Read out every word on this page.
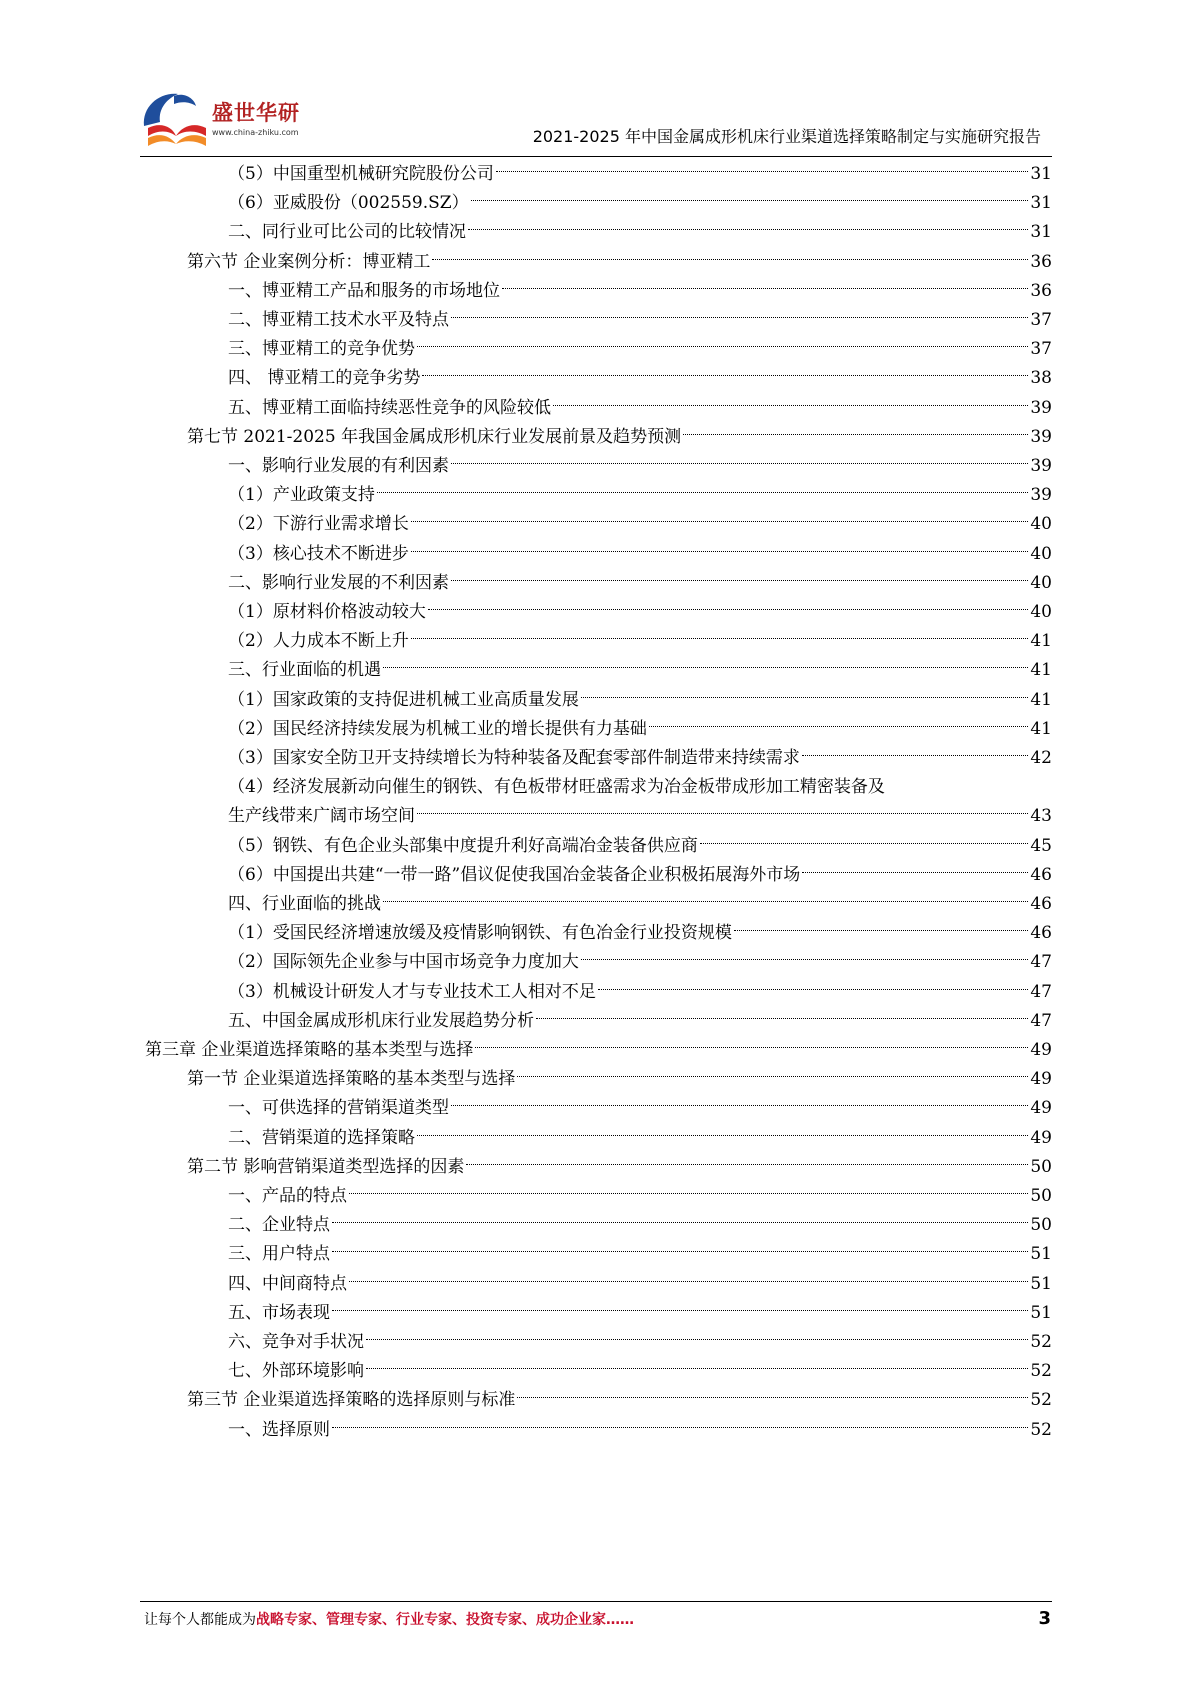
盛世华研
www.china-zhiku.com	2021-2025 年中国金属成形机床行业渠道选择策略制定与实施研究报告
（5）中国重型机械研究院股份公司	31
（6）亚威股份（002559.SZ）	31
二、同行业可比公司的比较情况	31
第六节 企业案例分析：博亚精工	36
一、博亚精工产品和服务的市场地位	36
二、博亚精工技术水平及特点	37
三、博亚精工的竞争优势	37
四、 博亚精工的竞争劣势	38
五、博亚精工面临持续恶性竞争的风险较低	39
第七节 2021-2025 年我国金属成形机床行业发展前景及趋势预测	39
一、影响行业发展的有利因素	39
（1）产业政策支持	39
（2）下游行业需求增长	40
（3）核心技术不断进步	40
二、影响行业发展的不利因素	40
（1）原材料价格波动较大	40
（2）人力成本不断上升	41
三、行业面临的机遇	41
（1）国家政策的支持促进机械工业高质量发展	41
（2）国民经济持续发展为机械工业的增长提供有力基础	41
（3）国家安全防卫开支持续增长为特种装备及配套零部件制造带来持续需求	42
（4）经济发展新动向催生的钢铁、有色板带材旺盛需求为冶金板带成形加工精密装备及
生产线带来广阔市场空间	43
（5）钢铁、有色企业头部集中度提升利好高端冶金装备供应商	45
（6）中国提出共建“一带一路”倡议促使我国冶金装备企业积极拓展海外市场	46
四、行业面临的挑战	46
（1）受国民经济增速放缓及疫情影响钢铁、有色冶金行业投资规模	46
（2）国际领先企业参与中国市场竞争力度加大	47
（3）机械设计研发人才与专业技术工人相对不足	47
五、中国金属成形机床行业发展趋势分析	47
第三章 企业渠道选择策略的基本类型与选择	49
第一节 企业渠道选择策略的基本类型与选择	49
一、可供选择的营销渠道类型	49
二、营销渠道的选择策略	49
第二节 影响营销渠道类型选择的因素	50
一、产品的特点	50
二、企业特点	50
三、用户特点	51
四、中间商特点	51
五、市场表现	51
六、竞争对手状况	52
七、外部环境影响	52
第三节 企业渠道选择策略的选择原则与标准	52
一、选择原则	52
让每个人都能成为战略专家、管理专家、行业专家、投资专家、成功企业家……	3
